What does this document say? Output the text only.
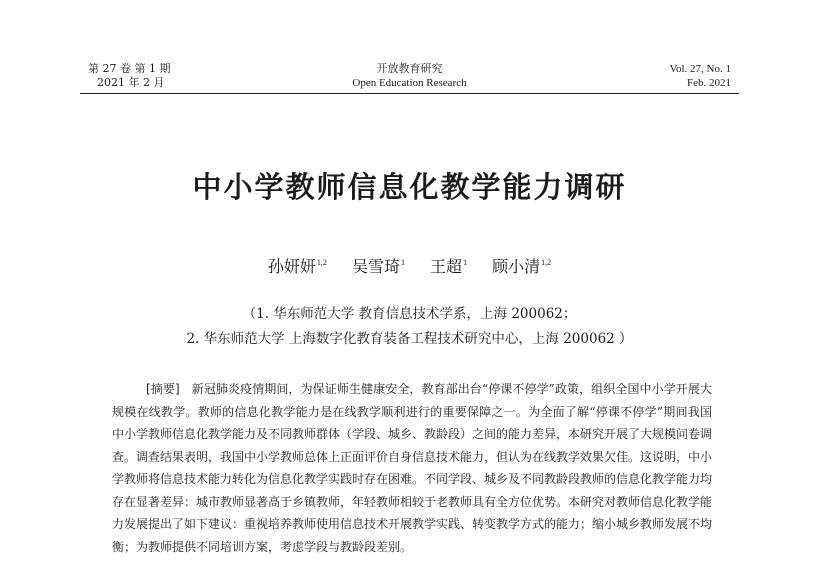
第 27 卷 第 1 期
2021 年 2 月
开放教育研究
Open Education Research
Vol. 27, No. 1
Feb. 2021
中小学教师信息化教学能力调研
孙妍妍$^{1,2}$ 吴雪琦$^1$ 王超$^1$ 顾小清$^{1,2}$
（1. 华东师范大学 教育信息技术学系，上海 200062；
2. 华东师范大学 上海数字化教育装备工程技术研究中心，上海 200062 ）
[摘要] 新冠肺炎疫情期间，为保证师生健康安全，教育部出台“停课不停学”政策，组织全国中小学开展大规模在线教学。教师的信息化教学能力是在线教学顺利进行的重要保障之一。为全面了解“停课不停学”期间我国中小学教师信息化教学能力及不同教师群体（学段、城乡、教龄段）之间的能力差异，本研究开展了大规模问卷调查。调查结果表明，我国中小学教师总体上正面评价自身信息技术能力，但认为在线教学效果欠佳。这说明，中小学教师将信息技术能力转化为信息化教学实践时存在困难。不同学段、城乡及不同教龄段教师的信息化教学能力均存在显著差异：城市教师显著高于乡镇教师，年轻教师相较于老教师具有全方位优势。本研究对教师信息化教学能力发展提出了如下建议：重视培养教师使用信息技术开展教学实践、转变教学方式的能力；缩小城乡教师发展不均衡；为教师提供不同培训方案，考虑学段与教龄段差别。
